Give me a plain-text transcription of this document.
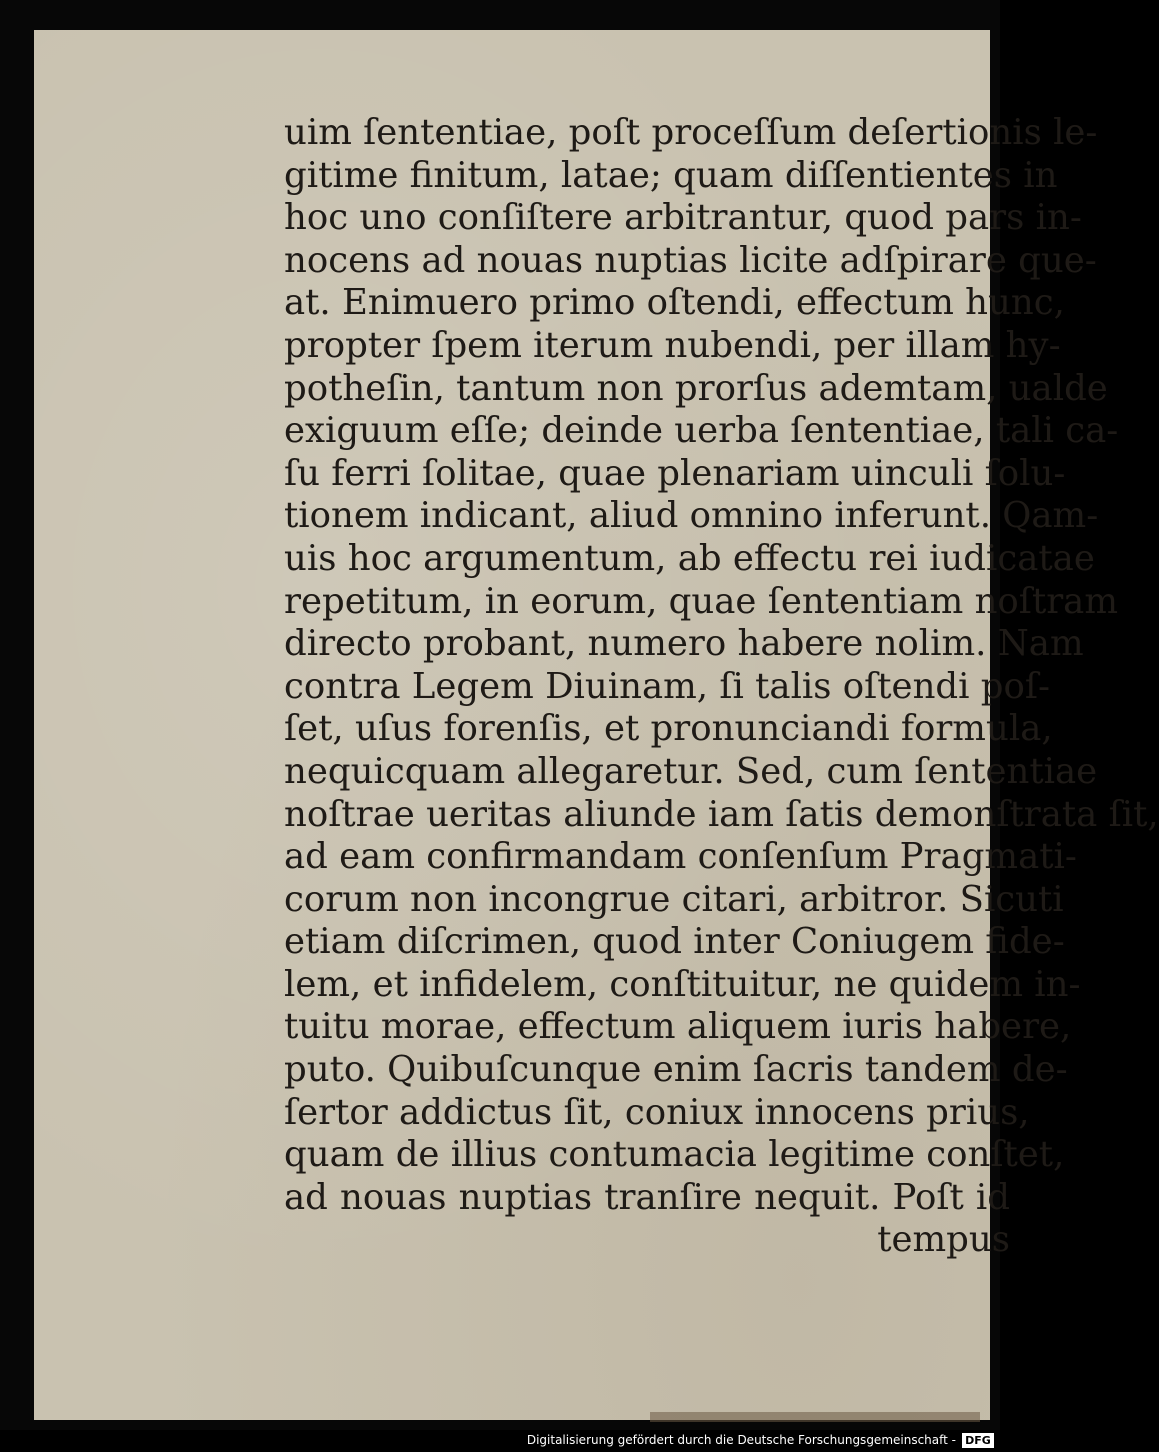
uim ſententiae, poſt proceſſum deſertionis le-
gitime finitum, latae; quam diſſentientes in
hoc uno conſiſtere arbitrantur, quod pars in-
nocens ad nouas nuptias licite adſpirare que-
at. Enimuero primo oſtendi, effectum hunc,
propter ſpem iterum nubendi, per illam hy-
potheſin, tantum non prorſus ademtam, ualde
exiguum eſſe; deinde uerba ſententiae, tali ca-
ſu ferri ſolitae, quae plenariam uinculi ſolu-
tionem indicant, aliud omnino inferunt. Qam-
uis hoc argumentum, ab effectu rei iudicatae
repetitum, in eorum, quae ſententiam noſtram
directo probant, numero habere nolim. Nam
contra Legem Diuinam, ſi talis oſtendi poſ-
ſet, uſus forenſis, et pronunciandi formula,
nequicquam allegaretur. Sed, cum ſententiae
noſtrae ueritas aliunde iam ſatis demonſtrata ſit,
ad eam confirmandam conſenſum Pragmati-
corum non incongrue citari, arbitror. Sicuti
etiam diſcrimen, quod inter Coniugem fide-
lem, et infidelem, conſtituitur, ne quidem in-
tuitu morae, effectum aliquem iuris habere,
puto. Quibuſcunque enim ſacris tandem de-
ſertor addictus ſit, coniux innocens prius,
quam de illius contumacia legitime conſtet,
ad nouas nuptias tranſire nequit. Poſt id
tempus
Digitalisierung gefördert durch die Deutsche Forschungsgemeinschaft - DFG
